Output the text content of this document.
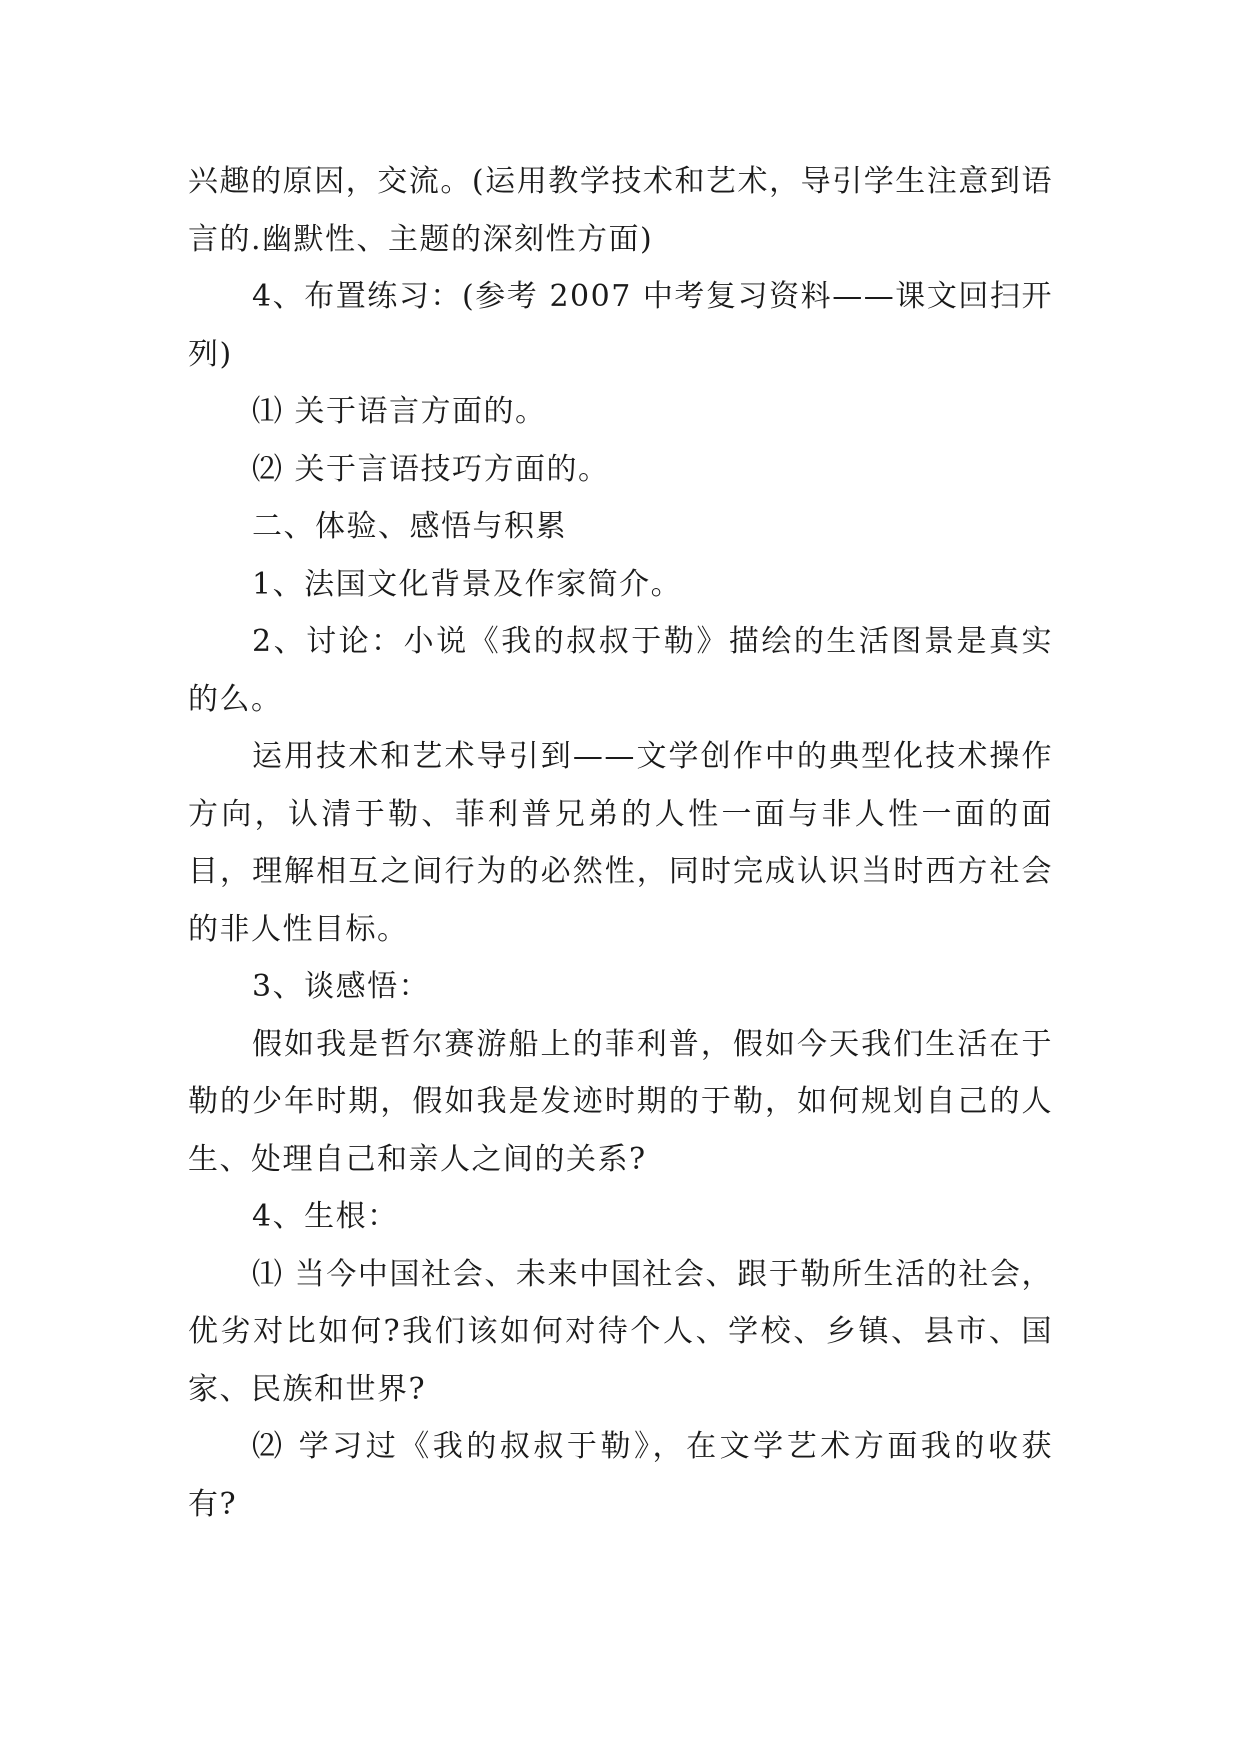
兴趣的原因，交流。(运用教学技术和艺术，导引学生注意到语言的.幽默性、主题的深刻性方面)

4、布置练习：(参考 2007 中考复习资料——课文回扫开列)

⑴ 关于语言方面的。

⑵ 关于言语技巧方面的。

二、体验、感悟与积累

1、法国文化背景及作家简介。

2、讨论：小说《我的叔叔于勒》描绘的生活图景是真实的么。

运用技术和艺术导引到——文学创作中的典型化技术操作方向，认清于勒、菲利普兄弟的人性一面与非人性一面的面目，理解相互之间行为的必然性，同时完成认识当时西方社会的非人性目标。

3、谈感悟：

假如我是哲尔赛游船上的菲利普，假如今天我们生活在于勒的少年时期，假如我是发迹时期的于勒，如何规划自己的人生、处理自己和亲人之间的关系?

4、生根：

⑴ 当今中国社会、未来中国社会、跟于勒所生活的社会，优劣对比如何?我们该如何对待个人、学校、乡镇、县市、国家、民族和世界?

⑵ 学习过《我的叔叔于勒》，在文学艺术方面我的收获有?
